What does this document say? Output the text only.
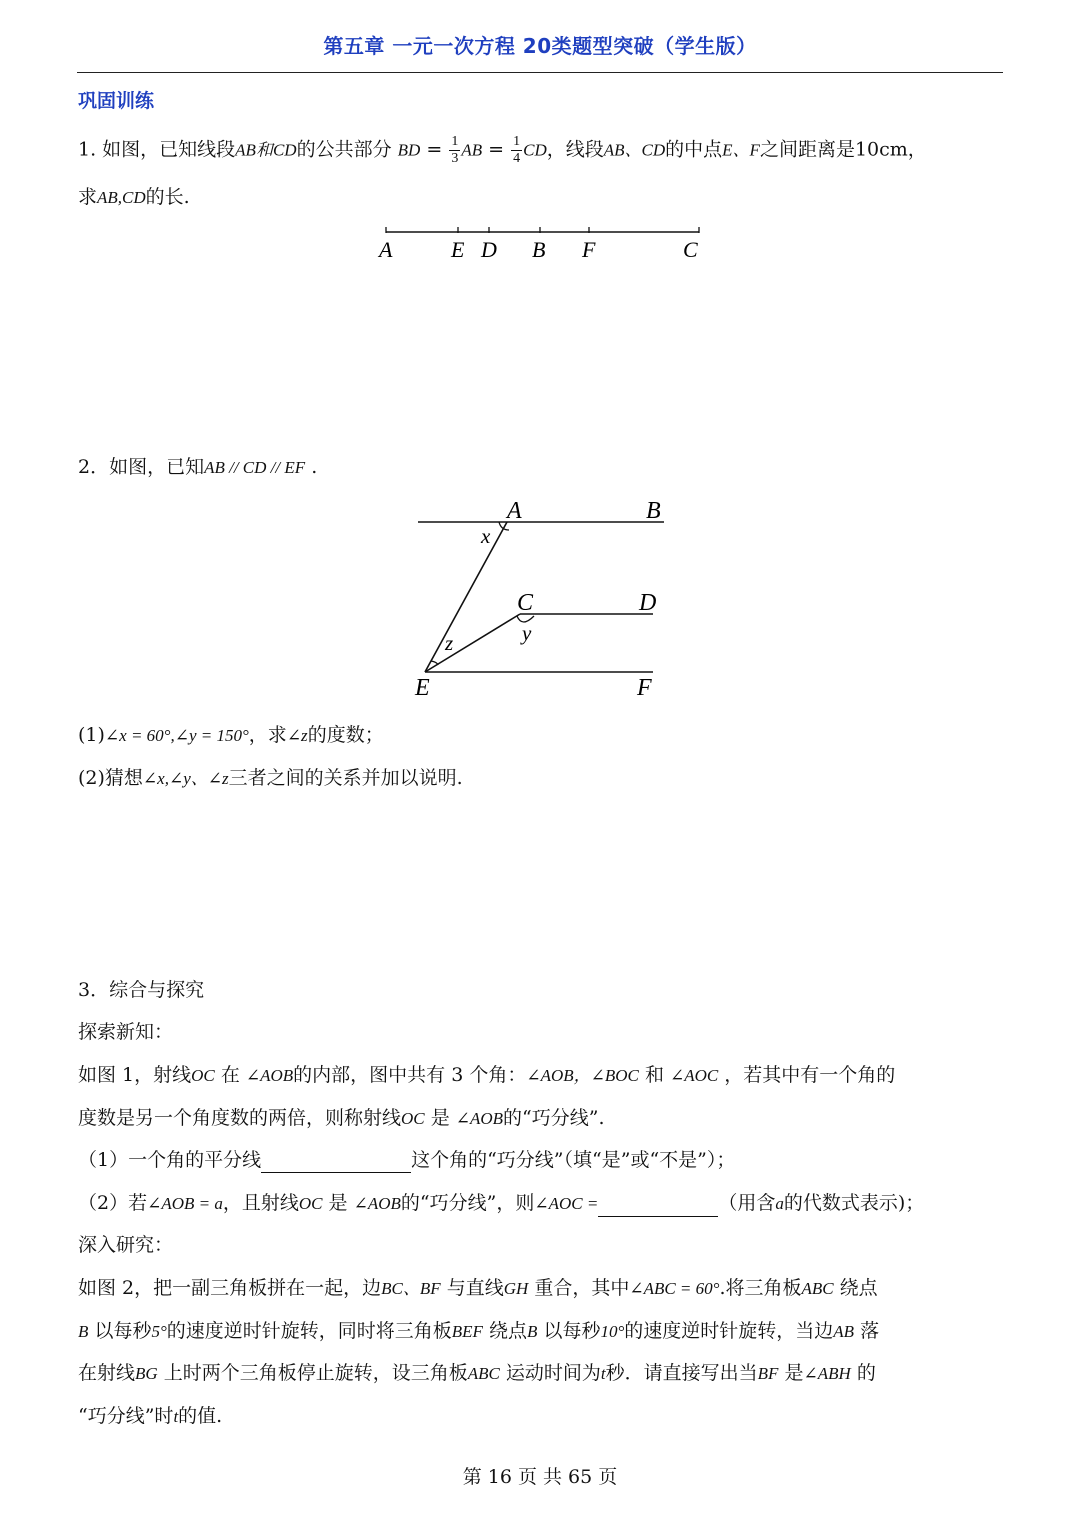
第五章 一元一次方程 20类题型突破（学生版）
巩固训练
1. 如图，已知线段AB和CD的公共部分 BD = $\frac{1}{3}$ AB = $\frac{1}{4}$ CD，线段AB、CD的中点E、F之间距离是10cm，
求AB,CD的长.
A	E D B F	C
2．如图，已知AB // CD // EF .
A	B
C	D
E	F
x
y
z
(1)∠x = 60°,∠y = 150°，求∠z的度数；
(2)猜想∠x,∠y、∠z三者之间的关系并加以说明.
3．综合与探究
探索新知：
如图 1，射线OC 在 ∠AOB的内部，图中共有 3 个角：∠AOB，∠BOC 和 ∠AOC ，若其中有一个角的
度数是另一个角度数的两倍，则称射线OC 是 ∠AOB的“巧分线”.
（1）一个角的平分线	这个角的“巧分线”（填“是”或“不是”）；
（2）若∠AOB = a，且射线OC 是 ∠AOB的“巧分线”，则∠AOC =	（用含a的代数式表示)；
深入研究：
如图 2，把一副三角板拼在一起，边BC、BF 与直线GH 重合，其中∠ABC = 60°.将三角板ABC 绕点
B 以每秒5°的速度逆时针旋转，同时将三角板BEF 绕点B 以每秒10°的速度逆时针旋转，当边AB 落
在射线BG 上时两个三角板停止旋转，设三角板ABC 运动时间为t秒．请直接写出当BF 是∠ABH 的
“巧分线”时t的值.
第 16 页 共 65 页
